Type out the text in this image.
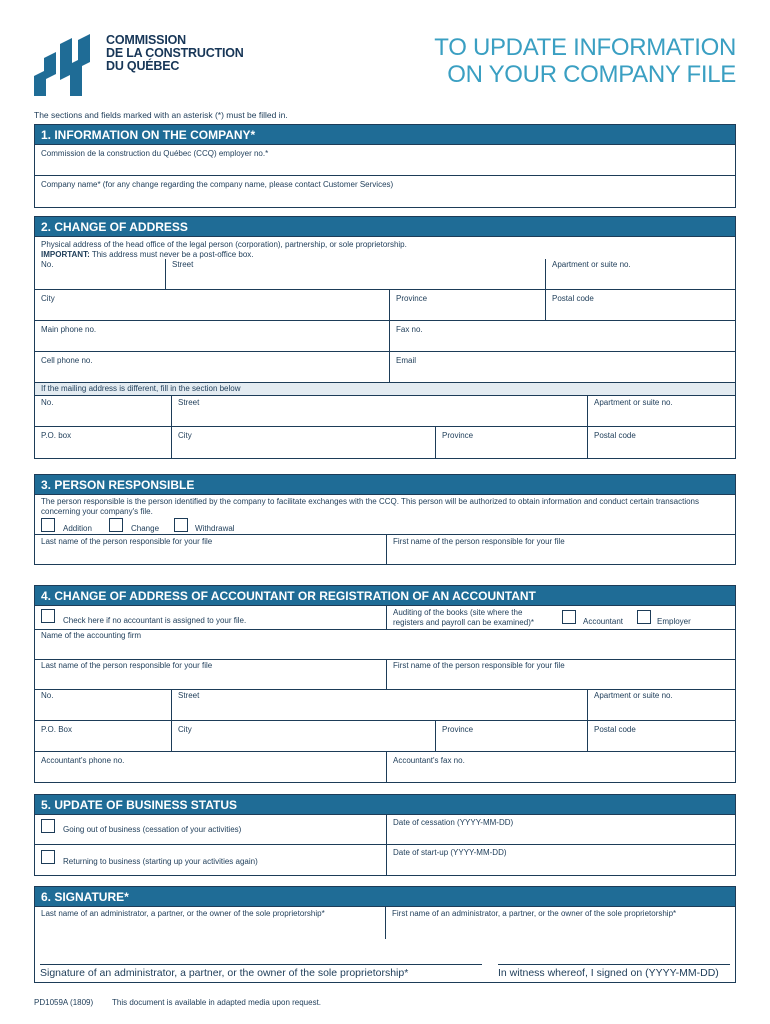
COMMISSION
DE LA CONSTRUCTION
DU QUÉBEC
TO UPDATE INFORMATION
ON YOUR COMPANY FILE
The sections and fields marked with an asterisk (*) must be filled in.
1. INFORMATION ON THE COMPANY*
Commission de la construction du Québec (CCQ) employer no.*
Company name* (for any change regarding the company name, please contact Customer Services)
2. CHANGE OF ADDRESS
Physical address of the head office of the legal person (corporation), partnership, or sole proprietorship.
IMPORTANT: This address must never be a post-office box.
No.	Street	Apartment or suite no.
City	Province	Postal code
Main phone no.	Fax no.
Cell phone no.	Email
If the mailing address is different, fill in the section below
No.	Street	Apartment or suite no.
P.O. box	City	Province	Postal code
3. PERSON RESPONSIBLE
The person responsible is the person identified by the company to facilitate exchanges with the CCQ. This person will be authorized to obtain information and conduct certain transactions concerning your company's file.
Addition	Change	Withdrawal
Last name of the person responsible for your file	First name of the person responsible for your file
4. CHANGE OF ADDRESS OF ACCOUNTANT OR REGISTRATION OF AN ACCOUNTANT
Check here if no accountant is assigned to your file.
Auditing of the books (site where the
registers and payroll can be examined)*	Accountant	Employer
Name of the accounting firm
Last name of the person responsible for your file	First name of the person responsible for your file
No.	Street	Apartment or suite no.
P.O. Box	City	Province	Postal code
Accountant's phone no.	Accountant's fax no.
5. UPDATE OF BUSINESS STATUS
Going out of business (cessation of your activities)
Date of cessation (YYYY-MM-DD)
Returning to business (starting up your activities again)
Date of start-up (YYYY-MM-DD)
6. SIGNATURE*
Last name of an administrator, a partner, or the owner of the sole proprietorship*	First name of an administrator, a partner, or the owner of the sole proprietorship*
Signature of an administrator, a partner, or the owner of the sole proprietorship*	In witness whereof, I signed on (YYYY-MM-DD)
PD1059A (1809) This document is available in adapted media upon request.
